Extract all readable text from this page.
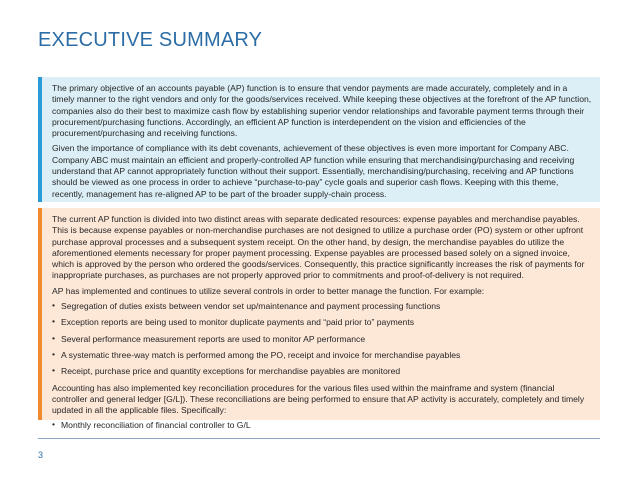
EXECUTIVE SUMMARY

The primary objective of an accounts payable (AP) function is to ensure that vendor payments are made accurately, completely and in a timely manner to the right vendors and only for the goods/services received. While keeping these objectives at the forefront of the AP function, companies also do their best to maximize cash flow by establishing superior vendor relationships and favorable payment terms through their procurement/purchasing functions. Accordingly, an efficient AP function is interdependent on the vision and efficiencies of the procurement/purchasing and receiving functions.

Given the importance of compliance with its debt covenants, achievement of these objectives is even more important for Company ABC. Company ABC must maintain an efficient and properly-controlled AP function while ensuring that merchandising/purchasing and receiving understand that AP cannot appropriately function without their support. Essentially, merchandising/purchasing, receiving and AP functions should be viewed as one process in order to achieve “purchase-to-pay” cycle goals and superior cash flows. Keeping with this theme, recently, management has re-aligned AP to be part of the broader supply-chain process.

The current AP function is divided into two distinct areas with separate dedicated resources: expense payables and merchandise payables. This is because expense payables or non-merchandise purchases are not designed to utilize a purchase order (PO) system or other upfront purchase approval processes and a subsequent system receipt. On the other hand, by design, the merchandise payables do utilize the aforementioned elements necessary for proper payment processing. Expense payables are processed based solely on a signed invoice, which is approved by the person who ordered the goods/services. Consequently, this practice significantly increases the risk of payments for inappropriate purchases, as purchases are not properly approved prior to commitments and proof-of-delivery is not required.

AP has implemented and continues to utilize several controls in order to better manage the function. For example:

• Segregation of duties exists between vendor set up/maintenance and payment processing functions
• Exception reports are being used to monitor duplicate payments and “paid prior to” payments
• Several performance measurement reports are used to monitor AP performance
• A systematic three-way match is performed among the PO, receipt and invoice for merchandise payables
• Receipt, purchase price and quantity exceptions for merchandise payables are monitored

Accounting has also implemented key reconciliation procedures for the various files used within the mainframe and system (financial controller and general ledger [G/L]). These reconciliations are being performed to ensure that AP activity is accurately, completely and timely updated in all the applicable files. Specifically:

• Monthly reconciliation of financial controller to G/L
3
